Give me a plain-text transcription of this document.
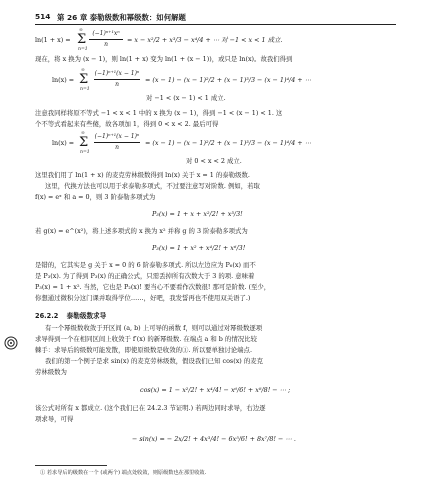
514 第 26 章 泰勒级数和幂级数：如何解题
ln(1 + x) =
∞
Σ
n=1
(−1)ⁿ⁺¹xⁿ
n
= x − x²/2 + x³/3 − x⁴/4 + ⋯ 对 −1 < x < 1 成立.
现在，将 x 换为 (x − 1)，则 ln(1 + x) 变为 ln(1 + (x − 1))，或只是 ln(x)。故我们得到
ln(x) =
∞
Σ
n=1
(−1)ⁿ⁺¹(x − 1)ⁿ
n
= (x − 1) − (x − 1)²/2 + (x − 1)³/3 − (x − 1)⁴/4 + ⋯
对 −1 < (x − 1) < 1 成立.
注意我同样将原不等式 −1 < x < 1 中的 x 换为 (x − 1)，得到 −1 < (x − 1) < 1. 这
个不等式看起来有些傻，故各项加 1，得到 0 < x < 2. 最后可得
ln(x) =
∞
Σ
n=1
(−1)ⁿ⁺¹(x − 1)ⁿ
n
= (x − 1) − (x − 1)²/2 + (x − 1)³/3 − (x − 1)⁴/4 + ⋯
对 0 < x < 2 成立.
这里我们用了 ln(1 + x) 的麦克劳林级数得到 ln(x) 关于 x = 1 的泰勒级数.
这里，代换方法也可以用于求泰勒多项式，不过要注意写对阶数. 例如，若取
f(x) = eˣ 和 a = 0，则 3 阶泰勒多项式为
P₃(x) = 1 + x + x²/2! + x³/3!
若 g(x) = e^(x²)，将上述多项式的 x 换为 x² 并称 g 的 3 阶泰勒多项式为
P₃(x) = 1 + x² + x⁴/2! + x⁶/3!
是错的，它其实是 g 关于 x = 0 的 6 阶泰勒多项式. 所以左边应为 P₆(x) 而不
是 P₃(x). 为了得到 P₃(x) 的正确公式，只需丢掉所有次数大于 3 的项. 意味着
P₃(x) = 1 + x². 当然，它也是 P₂(x)! 要当心不要看作次数很! 那可是阶数. (至少，
你想通过微积分这门课并取得学位……，好吧，我发誓再也不使用双关语了.)
26.2.2 泰勒级数求导
有一个幂级数收敛于开区间 (a, b) 上可导的函数 f，则可以通过对幂级数逐项
求导得到一个在相同区间上收敛于 f′(x) 的新幂级数. 在端点 a 和 b 的情况比较
棘手：求导后的级数可能发散，即使原级数是收敛的①. 所以要单独讨论端点.
我们的第一个例子是求 sin(x) 的麦克劳林级数，假设我们已知 cos(x) 的麦克
劳林级数为
cos(x) = 1 − x²/2! + x⁴/4! − x⁶/6! + x⁸/8! − ⋯ ;
该公式对所有 x 都成立. (这个我们已在 24.2.3 节证明.) 若两边同时求导，右边逐
项求导，可得
− sin(x) = − 2x/2! + 4x³/4! − 6x⁵/6! + 8x⁷/8! − ⋯ .
① 若求导后的级数在一个 (或两个) 端点处收敛，则原级数也在那里收敛.
